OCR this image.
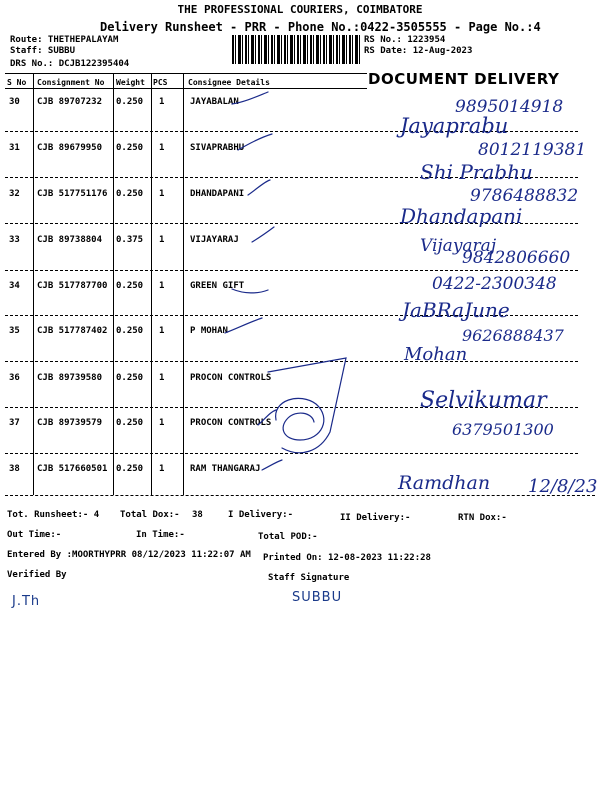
THE PROFESSIONAL COURIERS, COIMBATORE
Delivery Runsheet - PRR - Phone No.:0422-3505555 - Page No.:4
Route: THETHEPALAYAM
Staff: SUBBU
DRS No.: DCJB122395404
RS No.: 1223954
RS Date: 12-Aug-2023
DOCUMENT DELIVERY
S No Consignment No Weight PCS	Consignee Details
30 CJB 89707232 0.250 1	JAYABALAN
31 CJB 89679950 0.250 1	SIVAPRABHU
32 CJB 517751176 0.250 1	DHANDAPANI
33 CJB 89738804 0.375 1	VIJAYARAJ
34 CJB 517787700 0.250 1	GREEN GIFT
35 CJB 517787402 0.250 1	P MOHAN
36 CJB 89739580 0.250 1	PROCON CONTROLS
37 CJB 89739579 0.250 1	PROCON CONTROLS
38 CJB 517660501 0.250 1	RAM THANGARAJ
9895014918
Jayaprabu
8012119381
Shi Prabhu
9786488832
Dhandapani
Vijayaraj
9842806660
0422-2300348
JaBRaJune
9626888437
Mohan
Selvikumar
6379501300
Ramdhan 12/8/23
Tot. Runsheet:- 4 Total Dox:- 38	I Delivery:-	II Delivery:-	RTN Dox:-
Out Time:-	In Time:-	Total POD:-
Entered By :MOORTHYPRR 08/12/2023 11:22:07 AM Printed On: 12-08-2023 11:22:28
Verified By	Staff Signature
J.Th	SUBBU
